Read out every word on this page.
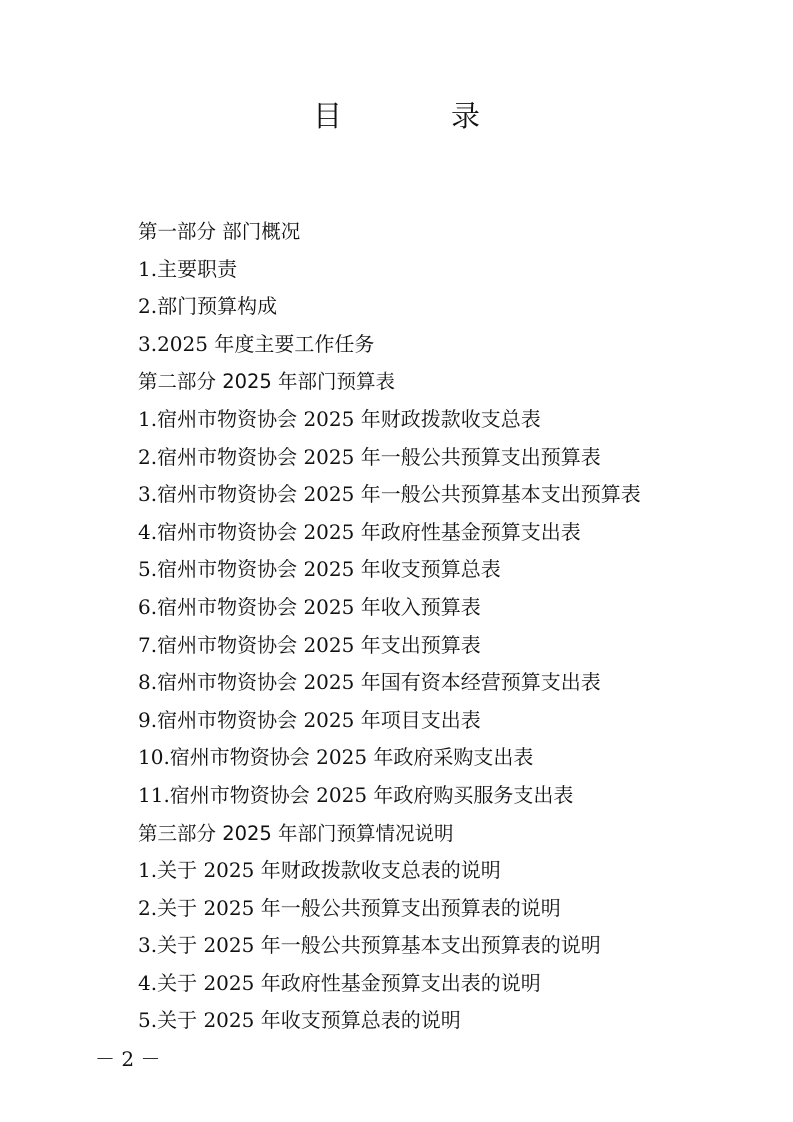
目　录
第一部分 部门概况
1.主要职责
2.部门预算构成
3.2025 年度主要工作任务
第二部分 2025 年部门预算表
1.宿州市物资协会 2025 年财政拨款收支总表
2.宿州市物资协会 2025 年一般公共预算支出预算表
3.宿州市物资协会 2025 年一般公共预算基本支出预算表
4.宿州市物资协会 2025 年政府性基金预算支出表
5.宿州市物资协会 2025 年收支预算总表
6.宿州市物资协会 2025 年收入预算表
7.宿州市物资协会 2025 年支出预算表
8.宿州市物资协会 2025 年国有资本经营预算支出表
9.宿州市物资协会 2025 年项目支出表
10.宿州市物资协会 2025 年政府采购支出表
11.宿州市物资协会 2025 年政府购买服务支出表
第三部分 2025 年部门预算情况说明
1.关于 2025 年财政拨款收支总表的说明
2.关于 2025 年一般公共预算支出预算表的说明
3.关于 2025 年一般公共预算基本支出预算表的说明
4.关于 2025 年政府性基金预算支出表的说明
5.关于 2025 年收支预算总表的说明
－ 2 －
